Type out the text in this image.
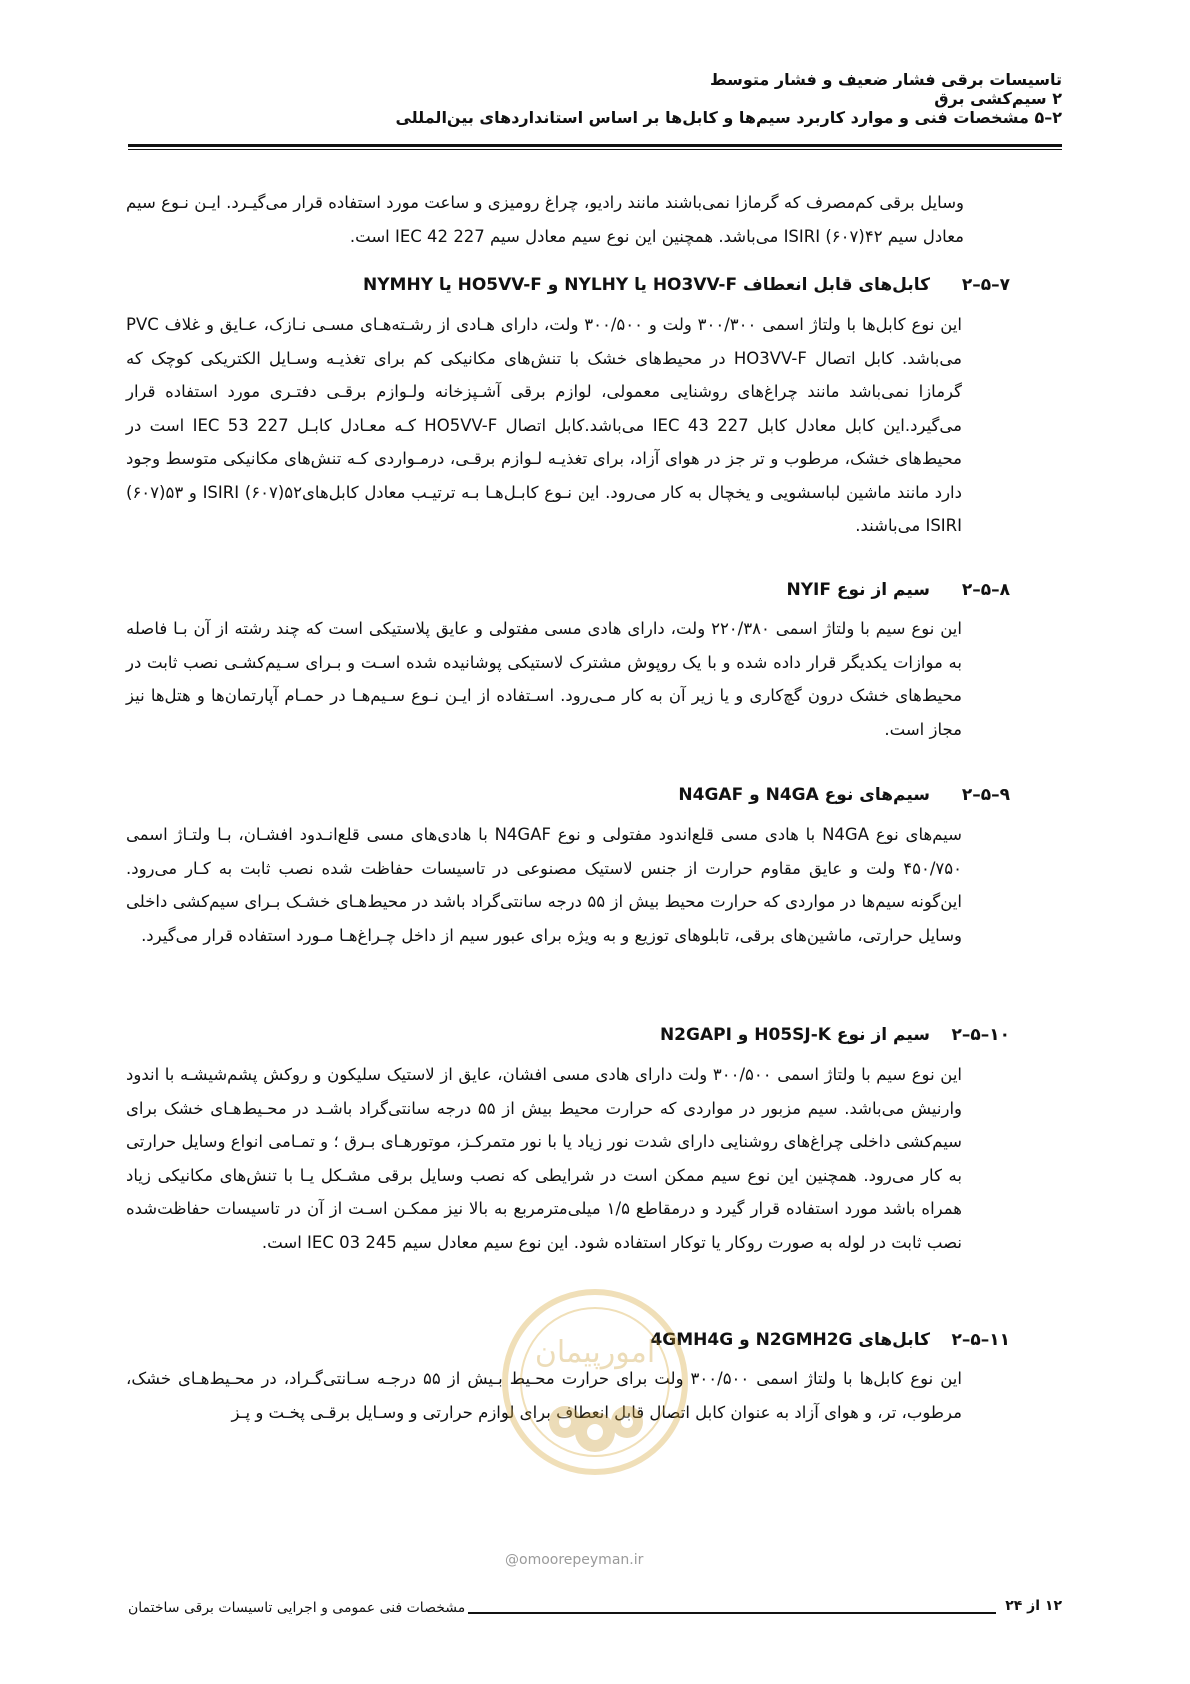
تاسیسات برقی فشار ضعیف و فشار متوسط
۲ سیم‌کشی برق
۲–۵ مشخصات فنی و موارد کاربرد سیم‌ها و کابل‌ها بر اساس استانداردهای بین‌المللی
وسایل برقی کم‌مصرف که گرمازا نمی‌باشند مانند رادیو، چراغ رومیزی و ساعت مورد استفاده قرار می‌گیـرد. ایـن نـوع سیم معادل سیم ۴۲(۶۰۷) ISIRI می‌باشد. همچنین این نوع سیم معادل سیم 227 IEC 42 است.
۲–۵–۷
کابل‌های قابل انعطاف HO3VV-F یا NYLHY و HO5VV-F یا NYMHY
این نوع کابل‌ها با ولتاژ اسمی ۳۰۰/۳۰۰ ولت و ۳۰۰/۵۰۰ ولت، دارای هـادی از رشـته‌هـای مسـی نـازک، عـایق و غلاف PVC می‌باشد. کابل اتصال HO3VV-F در محیط‌های خشک با تنش‌های مکانیکی کم برای تغذیـه وسـایل الکتریکی کوچک که گرمازا نمی‌باشد مانند چراغ‌های روشنایی معمولی، لوازم برقی آشـپزخانه ولـوازم برقـی دفتـری مورد استفاده قرار می‌گیرد.این کابل معادل کابل 227 IEC 43 می‌باشد.کابل اتصال HO5VV-F کـه معـادل کابـل 227 IEC 53 است در محیط‌های خشک، مرطوب و تر جز در هوای آزاد، برای تغذیـه لـوازم برقـی، درمـواردی کـه تنش‌های مکانیکی متوسط وجود دارد مانند ماشین لباسشویی و یخچال به کار می‌رود. این نـوع کابـل‌هـا بـه ترتیـب معادل کابل‌های۵۲(۶۰۷) ISIRI و ۵۳(۶۰۷) ISIRI می‌باشند.
۲–۵–۸
سیم از نوع NYIF
این نوع سیم با ولتاژ اسمی ۲۲۰/۳۸۰ ولت، دارای هادی مسی مفتولی و عایق پلاستیکی است که چند رشته از آن بـا فاصله به موازات یکدیگر قرار داده شده و با یک روپوش مشترک لاستیکی پوشانیده شده اسـت و بـرای سـیم‌کشـی نصب ثابت در محیط‌های خشک درون گچ‌کاری و یا زیر آن به کار مـی‌رود. اسـتفاده از ایـن نـوع سـیم‌هـا در حمـام آپارتمان‌ها و هتل‌ها نیز مجاز است.
۲–۵–۹
سیم‌های نوع N4GA و N4GAF
سیم‌های نوع N4GA با هادی مسی قلع‌اندود مفتولی و نوع N4GAF با هادی‌های مسی قلع‌انـدود افشـان، بـا ولتـاژ اسمی ۴۵۰/۷۵۰ ولت و عایق مقاوم حرارت از جنس لاستیک مصنوعی در تاسیسات حفاظت شده نصب ثابت به کـار می‌رود. این‌گونه سیم‌ها در مواردی که حرارت محیط بیش از ۵۵ درجه سانتی‌گراد باشد در محیط‌هـای خشـک بـرای سیم‌کشی داخلی وسایل حرارتی، ماشین‌های برقی، تابلوهای توزیع و به ویژه برای عبور سیم از داخل چـراغ‌هـا مـورد استفاده قرار می‌گیرد.
۲–۵–۱۰
سیم از نوع H05SJ-K و N2GAPI
این نوع سیم با ولتاژ اسمی ۳۰۰/۵۰۰ ولت دارای هادی مسی افشان، عایق از لاستیک سلیکون و روکش پشم‌شیشـه با اندود وارنیش می‌باشد. سیم مزبور در مواردی که حرارت محیط بیش از ۵۵ درجه سانتی‌گراد باشـد در محـیط‌هـای خشک برای سیم‌کشی داخلی چراغ‌های روشنایی دارای شدت نور زیاد یا با نور متمرکـز، موتورهـای بـرق ؛ و تمـامی انواع وسایل حرارتی به کار می‌رود. همچنین این نوع سیم ممکن است در شرایطی که نصب وسایل برقی مشـکل یـا با تنش‌های مکانیکی زیاد همراه باشد مورد استفاده قرار گیرد و درمقاطع ۱/۵ میلی‌مترمربع به بالا نیز ممکـن اسـت از آن در تاسیسات حفاظت‌شده نصب ثابت در لوله به صورت روکار یا توکار استفاده شود. این نوع سیم معادل سیم 245 IEC 03 است.
۲–۵–۱۱
کابل‌های N2GMH2G و 4GMH4G
این نوع کابل‌ها با ولتاژ اسمی ۳۰۰/۵۰۰ ولت برای حرارت محـیط بـیش از ۵۵ درجـه سـانتی‌گـراد، در محـیط‌هـای خشک، مرطوب، تر، و هوای آزاد به عنوان کابل اتصال قابل انعطاف برای لوازم حرارتی و وسـایل برقـی پخـت و پـز
امورپیمان
@omoorepeyman.ir
مشخصات فنی عمومی و اجرایی تاسیسات برقی ساختمان	۱۲ از ۲۴
